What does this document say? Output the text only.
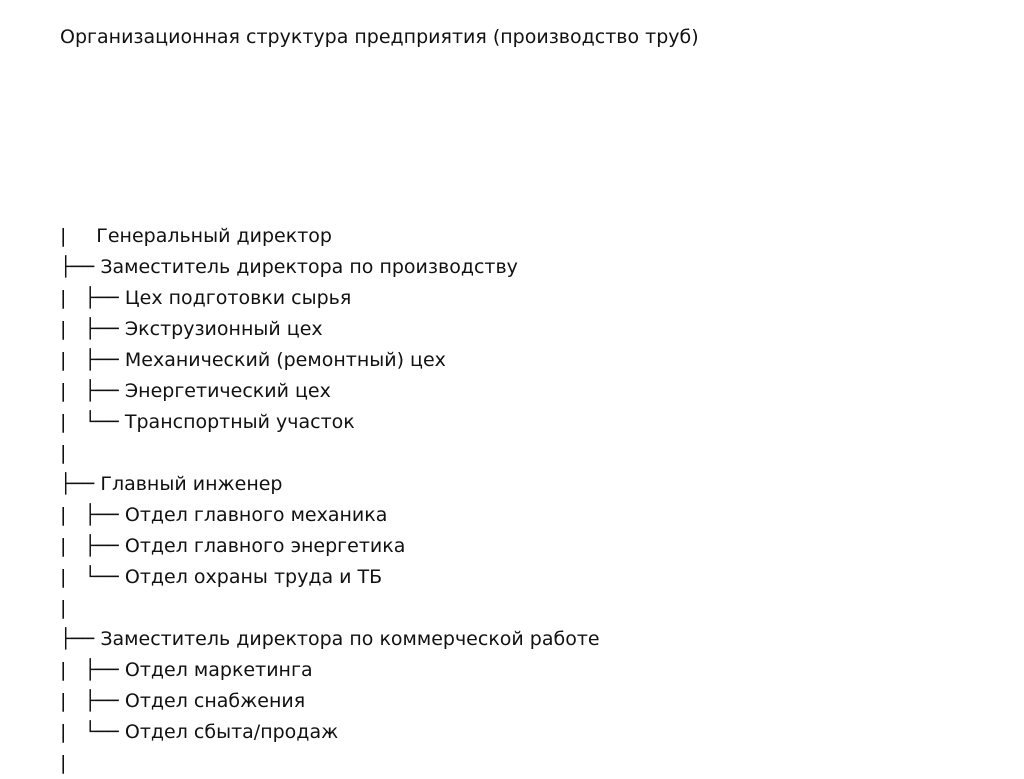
Организационная структура предприятия (производство труб)

Генеральный директор

|
├── Заместитель директора по производству
|   ├── Цех подготовки сырья
|   ├── Экструзионный цех
|   ├── Механический (ремонтный) цех
|   ├── Энергетический цех
|   └── Транспортный участок
|
├── Главный инженер
|   ├── Отдел главного механика
|   ├── Отдел главного энергетика
|   └── Отдел охраны труда и ТБ
|
├── Заместитель директора по коммерческой работе
|   ├── Отдел маркетинга
|   ├── Отдел снабжения
|   └── Отдел сбыта/продаж
|
